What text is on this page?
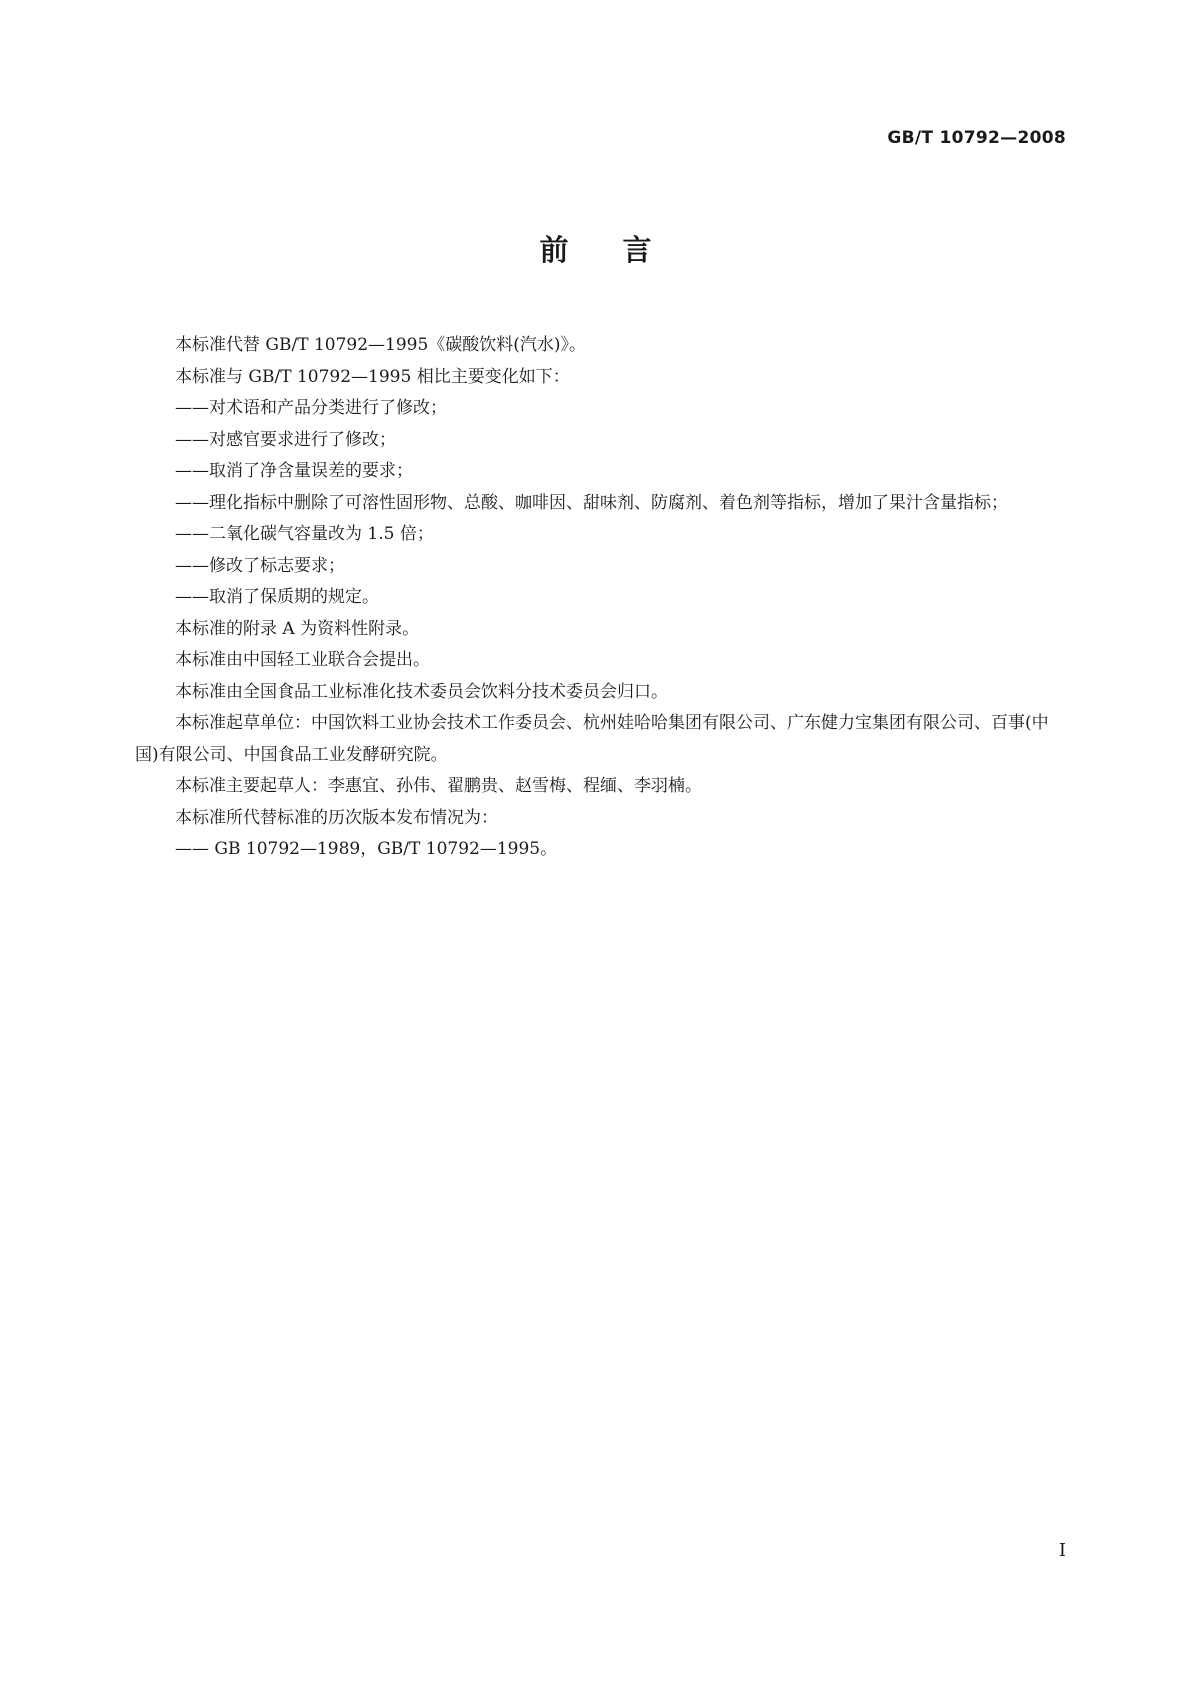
GB/T 10792—2008
前言

本标准代替 GB/T 10792—1995《碳酸饮料(汽水)》。

本标准与 GB/T 10792—1995 相比主要变化如下：

——对术语和产品分类进行了修改；

——对感官要求进行了修改；

——取消了净含量误差的要求；

——理化指标中删除了可溶性固形物、总酸、咖啡因、甜味剂、防腐剂、着色剂等指标，增加了果汁含量指标；

——二氧化碳气容量改为 1.5 倍；

——修改了标志要求；

——取消了保质期的规定。

本标准的附录 A 为资料性附录。

本标准由中国轻工业联合会提出。

本标准由全国食品工业标准化技术委员会饮料分技术委员会归口。

本标准起草单位：中国饮料工业协会技术工作委员会、杭州娃哈哈集团有限公司、广东健力宝集团有限公司、百事(中国)有限公司、中国食品工业发酵研究院。

本标准主要起草人：李惠宜、孙伟、翟鹏贵、赵雪梅、程缅、李羽楠。

本标准所代替标准的历次版本发布情况为：

—— GB 10792—1989，GB/T 10792—1995。

I
